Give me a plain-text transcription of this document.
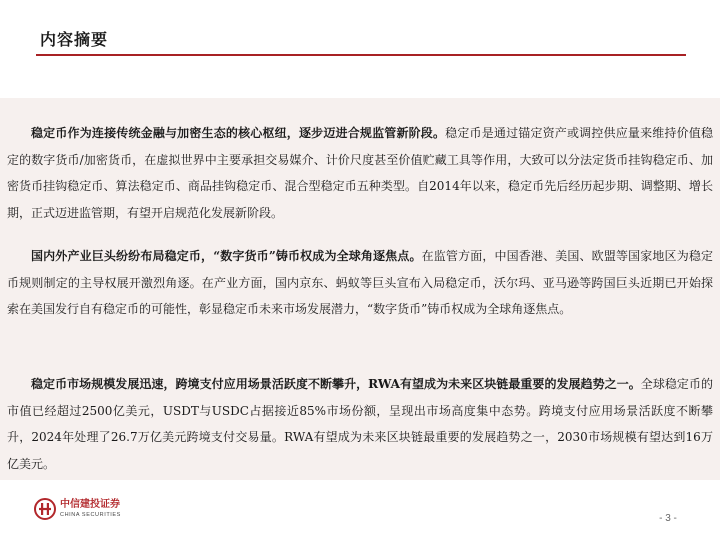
内容摘要

稳定币作为连接传统金融与加密生态的核心枢纽，逐步迈进合规监管新阶段。稳定币是通过锚定资产或调控供应量来维持价值稳定的数字货币/加密货币，在虚拟世界中主要承担交易媒介、计价尺度甚至价值贮藏工具等作用，大致可以分法定货币挂钩稳定币、加密货币挂钩稳定币、算法稳定币、商品挂钩稳定币、混合型稳定币五种类型。自2014年以来，稳定币先后经历起步期、调整期、增长期，正式迈进监管期，有望开启规范化发展新阶段。

国内外产业巨头纷纷布局稳定币，“数字货币”铸币权成为全球角逐焦点。在监管方面，中国香港、美国、欧盟等国家地区为稳定币规则制定的主导权展开激烈角逐。在产业方面，国内京东、蚂蚁等巨头宣布入局稳定币，沃尔玛、亚马逊等跨国巨头近期已开始探索在美国发行自有稳定币的可能性，彰显稳定币未来市场发展潜力，“数字货币”铸币权成为全球角逐焦点。

稳定币市场规模发展迅速，跨境支付应用场景活跃度不断攀升，RWA有望成为未来区块链最重要的发展趋势之一。全球稳定币的市值已经超过2500亿美元，USDT与USDC占据接近85%市场份额，呈现出市场高度集中态势。跨境支付应用场景活跃度不断攀升，2024年处理了26.7万亿美元跨境支付交易量。RWA有望成为未来区块链最重要的发展趋势之一，2030市场规模有望达到16万亿美元。

中信建投证券
CHINA SECURITIES	- 3 -
